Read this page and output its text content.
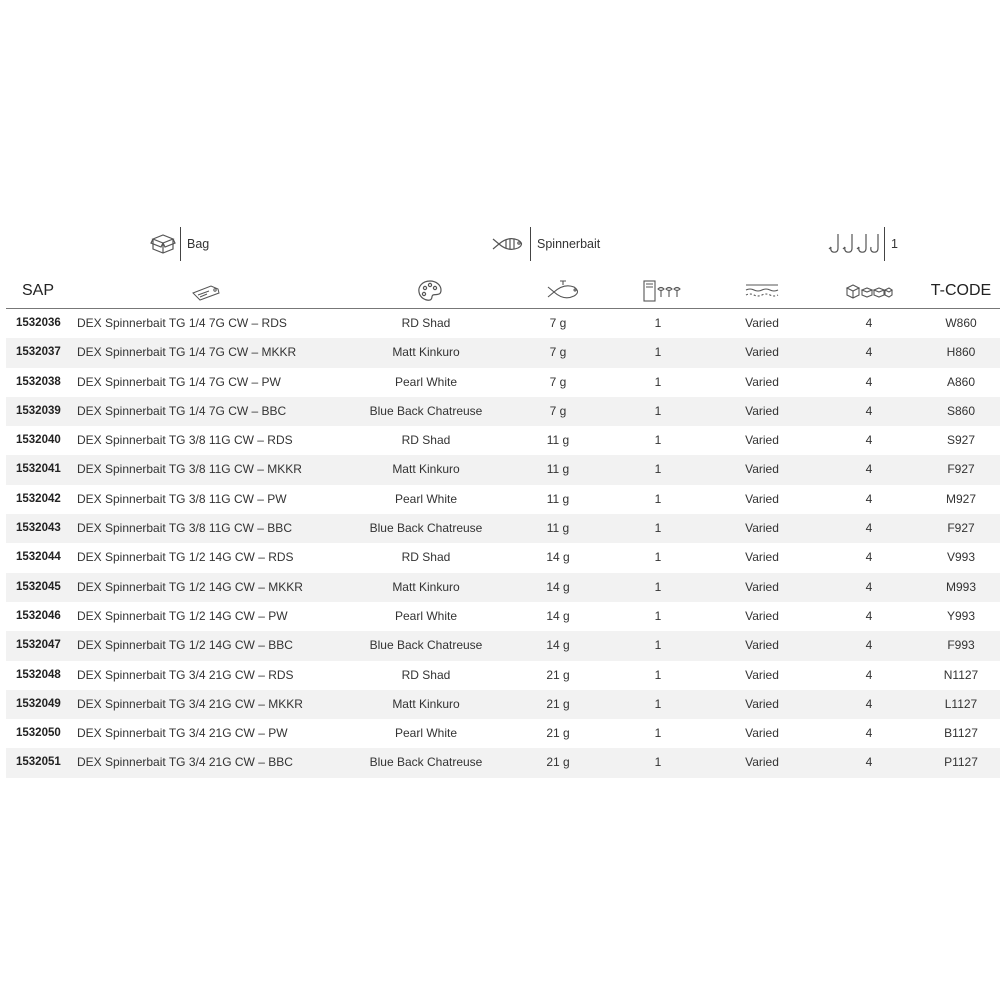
Bag	Spinnerbait	1
SAP	T-CODE
1532036	DEX Spinnerbait TG 1/4 7G CW – RDS	RD Shad	7 g	1	Varied	4	W860
1532037	DEX Spinnerbait TG 1/4 7G CW – MKKR	Matt Kinkuro	7 g	1	Varied	4	H860
1532038	DEX Spinnerbait TG 1/4 7G CW – PW	Pearl White	7 g	1	Varied	4	A860
1532039	DEX Spinnerbait TG 1/4 7G CW – BBC	Blue Back Chatreuse	7 g	1	Varied	4	S860
1532040	DEX Spinnerbait TG 3/8 11G CW – RDS	RD Shad	11 g	1	Varied	4	S927
1532041	DEX Spinnerbait TG 3/8 11G CW – MKKR	Matt Kinkuro	11 g	1	Varied	4	F927
1532042	DEX Spinnerbait TG 3/8 11G CW – PW	Pearl White	11 g	1	Varied	4	M927
1532043	DEX Spinnerbait TG 3/8 11G CW – BBC	Blue Back Chatreuse	11 g	1	Varied	4	F927
1532044	DEX Spinnerbait TG 1/2 14G CW – RDS	RD Shad	14 g	1	Varied	4	V993
1532045	DEX Spinnerbait TG 1/2 14G CW – MKKR	Matt Kinkuro	14 g	1	Varied	4	M993
1532046	DEX Spinnerbait TG 1/2 14G CW – PW	Pearl White	14 g	1	Varied	4	Y993
1532047	DEX Spinnerbait TG 1/2 14G CW – BBC	Blue Back Chatreuse	14 g	1	Varied	4	F993
1532048	DEX Spinnerbait TG 3/4 21G CW – RDS	RD Shad	21 g	1	Varied	4	N1127
1532049	DEX Spinnerbait TG 3/4 21G CW – MKKR	Matt Kinkuro	21 g	1	Varied	4	L1127
1532050	DEX Spinnerbait TG 3/4 21G CW – PW	Pearl White	21 g	1	Varied	4	B1127
1532051	DEX Spinnerbait TG 3/4 21G CW – BBC	Blue Back Chatreuse	21 g	1	Varied	4	P1127
